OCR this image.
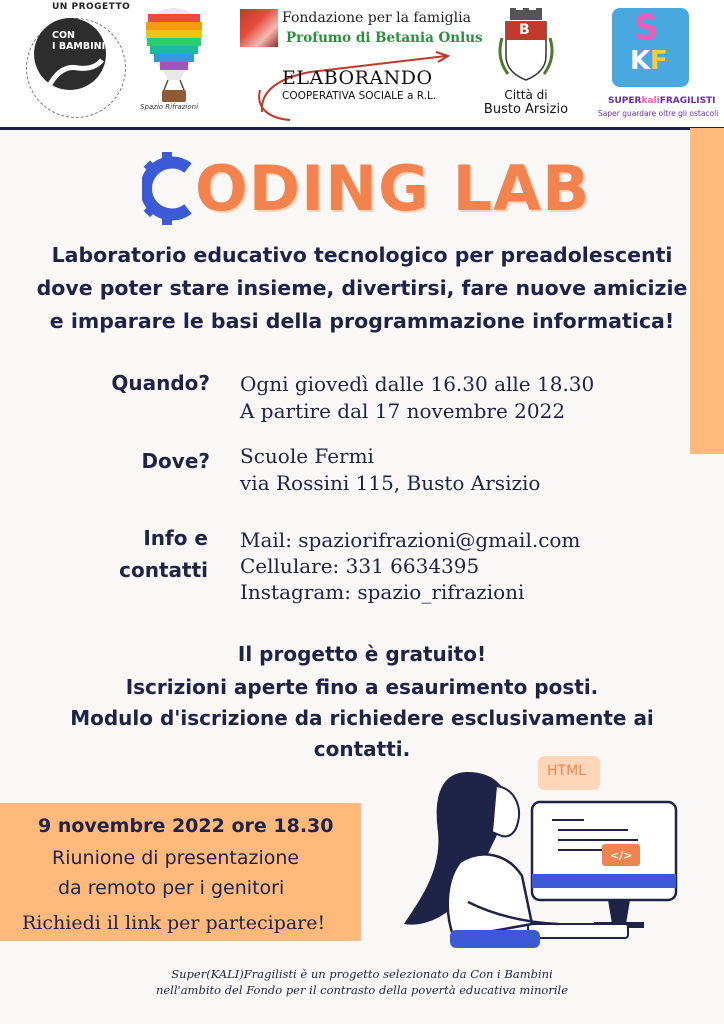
UN PROGETTO
CON
I BAMBINI
Spazio Rifrazioni
Fondazione per la famiglia
Profumo di Betania Onlus
ELABORANDO
COOPERATIVA SOCIALE a R.L.
B
Città di
Busto Arsizio
S
K F
SUPERkaliFRAGILISTI
Saper guardare oltre gli ostacoli
ODING LAB
Laboratorio educativo tecnologico per preadolescenti
dove poter stare insieme, divertirsi, fare nuove amicizie
e imparare le basi della programmazione informatica!
Quando? Ogni giovedì dalle 16.30 alle 18.30
A partire dal 17 novembre 2022
Dove? Scuole Fermi
via Rossini 115, Busto Arsizio
Info e
contatti
Mail: spaziorifrazioni@gmail.com
Cellulare: 331 6634395
Instagram: spazio_rifrazioni
Il progetto è gratuito!
Iscrizioni aperte fino a esaurimento posti.
Modulo d'iscrizione da richiedere esclusivamente ai
contatti.
9 novembre 2022 ore 18.30
Riunione di presentazione
da remoto per i genitori
Richiedi il link per partecipare!
HTML
</>
Super(KALI)Fragilisti è un progetto selezionato da Con i Bambini
nell'ambito del Fondo per il contrasto della povertà educativa minorile
